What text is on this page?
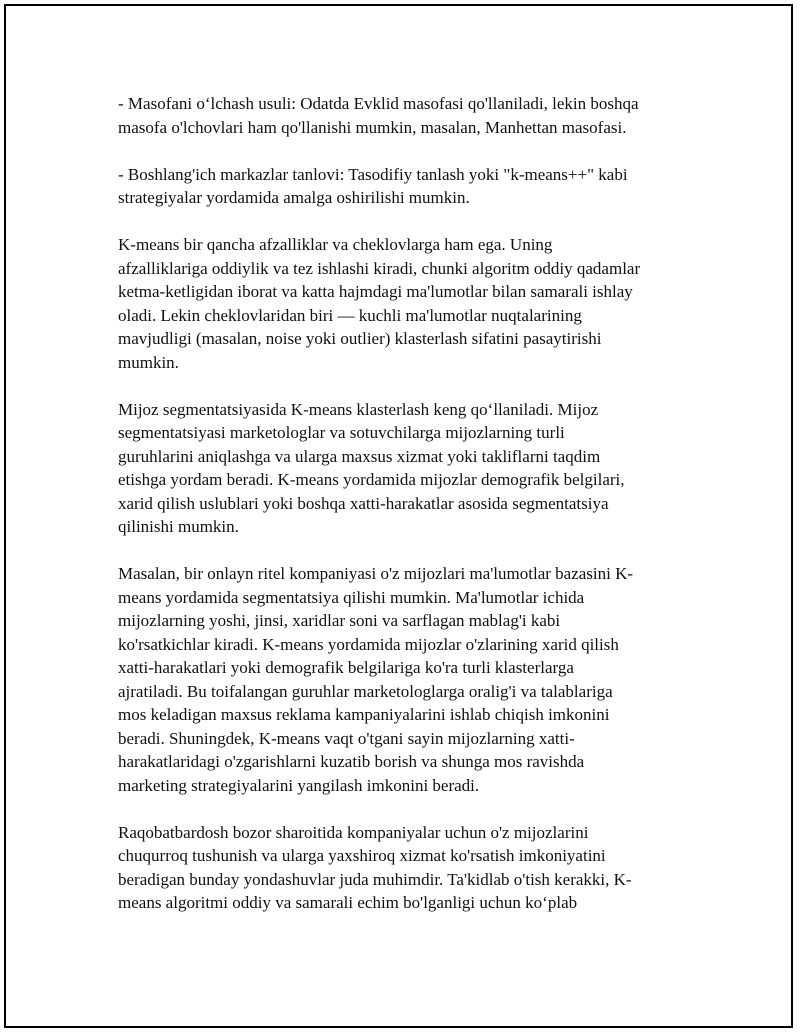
- Masofani o‘lchash usuli: Odatda Evklid masofasi qo'llaniladi, lekin boshqa
masofa o'lchovlari ham qo'llanishi mumkin, masalan, Manhettan masofasi.

- Boshlang'ich markazlar tanlovi: Tasodifiy tanlash yoki "k-means++" kabi
strategiyalar yordamida amalga oshirilishi mumkin.

K-means bir qancha afzalliklar va cheklovlarga ham ega. Uning
afzalliklariga oddiylik va tez ishlashi kiradi, chunki algoritm oddiy qadamlar
ketma-ketligidan iborat va katta hajmdagi ma'lumotlar bilan samarali ishlay
oladi. Lekin cheklovlaridan biri — kuchli ma'lumotlar nuqtalarining
mavjudligi (masalan, noise yoki outlier) klasterlash sifatini pasaytirishi
mumkin.

Mijoz segmentatsiyasida K-means klasterlash keng qo‘llaniladi. Mijoz
segmentatsiyasi marketologlar va sotuvchilarga mijozlarning turli
guruhlarini aniqlashga va ularga maxsus xizmat yoki takliflarni taqdim
etishga yordam beradi. K-means yordamida mijozlar demografik belgilari,
xarid qilish uslublari yoki boshqa xatti-harakatlar asosida segmentatsiya
qilinishi mumkin.

Masalan, bir onlayn ritel kompaniyasi o'z mijozlari ma'lumotlar bazasini K-
means yordamida segmentatsiya qilishi mumkin. Ma'lumotlar ichida
mijozlarning yoshi, jinsi, xaridlar soni va sarflagan mablag'i kabi
ko'rsatkichlar kiradi. K-means yordamida mijozlar o'zlarining xarid qilish
xatti-harakatlari yoki demografik belgilariga ko'ra turli klasterlarga
ajratiladi. Bu toifalangan guruhlar marketologlarga oralig'i va talablariga
mos keladigan maxsus reklama kampaniyalarini ishlab chiqish imkonini
beradi. Shuningdek, K-means vaqt o'tgani sayin mijozlarning xatti-
harakatlaridagi o'zgarishlarni kuzatib borish va shunga mos ravishda
marketing strategiyalarini yangilash imkonini beradi.

Raqobatbardosh bozor sharoitida kompaniyalar uchun o'z mijozlarini
chuqurroq tushunish va ularga yaxshiroq xizmat ko'rsatish imkoniyatini
beradigan bunday yondashuvlar juda muhimdir. Ta'kidlab o'tish kerakki, K-
means algoritmi oddiy va samarali echim bo'lganligi uchun ko‘plab
